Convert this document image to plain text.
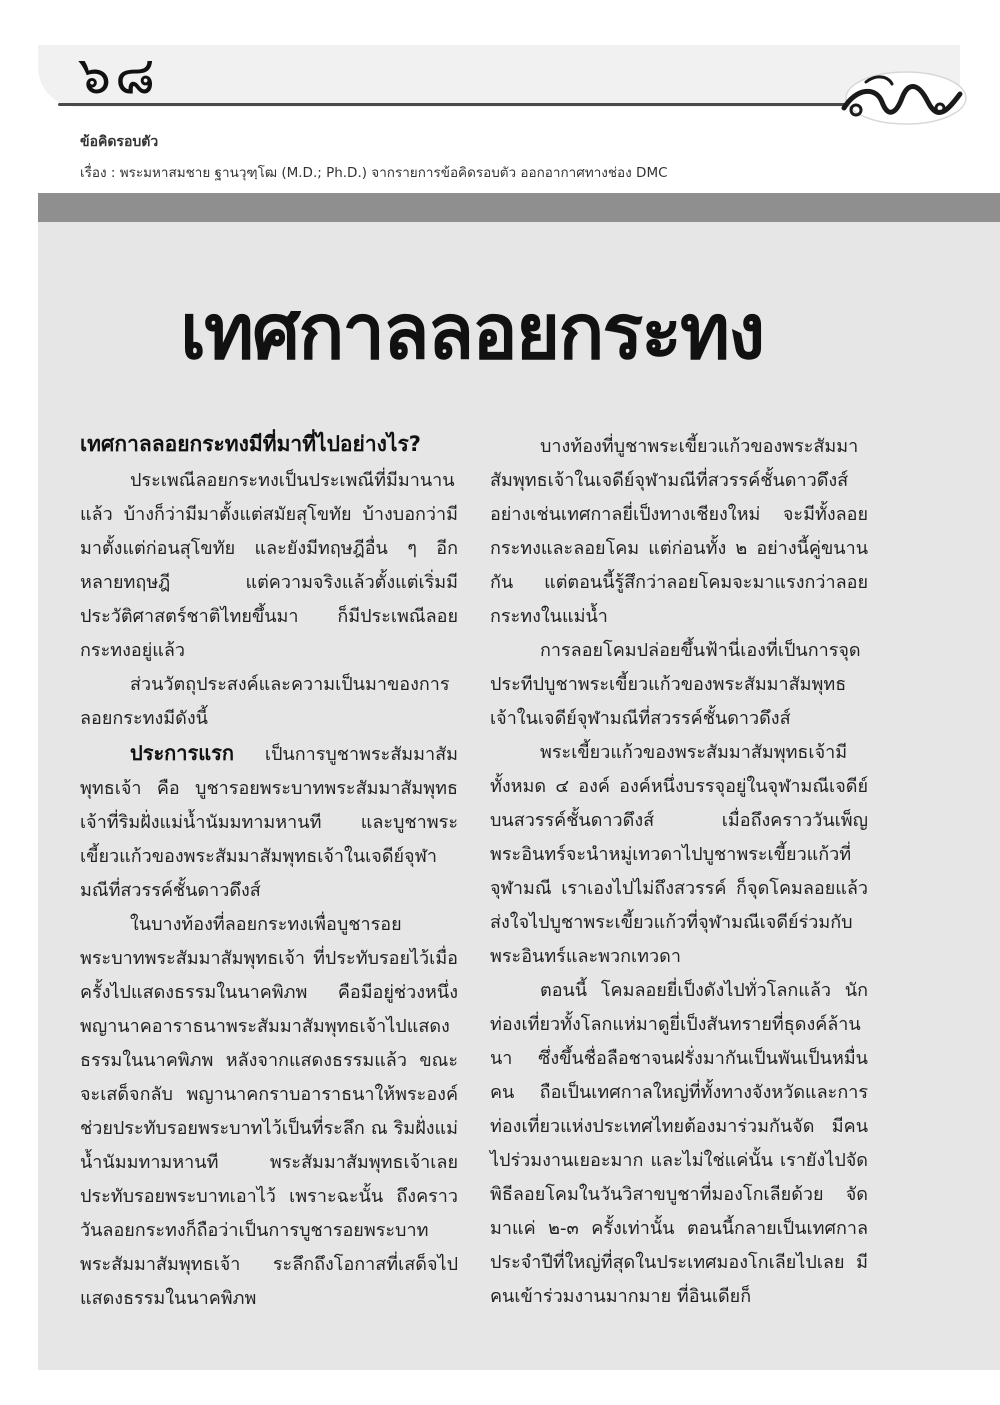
๖๘
ข้อคิดรอบตัว
เรื่อง : พระมหาสมชาย ฐานวุฑฺโฒ (M.D.; Ph.D.) จากรายการข้อคิดรอบตัว ออกอากาศทางช่อง DMC
เทศกาลลอยกระทง

เทศกาลลอยกระทงมีที่มาที่ไปอย่างไร?

ประเพณีลอยกระทงเป็นประเพณีที่มีมานานแล้ว บ้างก็ว่ามีมาตั้งแต่สมัยสุโขทัย บ้างบอกว่ามีมาตั้งแต่ก่อนสุโขทัย และยังมีทฤษฎีอื่น ๆ อีกหลายทฤษฎี แต่ความจริงแล้วตั้งแต่เริ่มมีประวัติศาสตร์ชาติไทยขึ้นมา ก็มีประเพณีลอยกระทงอยู่แล้ว

ส่วนวัตถุประสงค์และความเป็นมาของการลอยกระทงมีดังนี้

ประการแรก เป็นการบูชาพระสัมมาสัมพุทธเจ้า คือ บูชารอยพระบาทพระสัมมาสัมพุทธเจ้าที่ริมฝั่งแม่น้ำนัมมทามหานที และบูชาพระเขี้ยวแก้วของพระสัมมาสัมพุทธเจ้าในเจดีย์จุฬามณีที่สวรรค์ชั้นดาวดึงส์

ในบางท้องที่ลอยกระทงเพื่อบูชารอยพระบาทพระสัมมาสัมพุทธเจ้า ที่ประทับรอยไว้เมื่อครั้งไปแสดงธรรมในนาคพิภพ คือมีอยู่ช่วงหนึ่งพญานาคอาราธนาพระสัมมาสัมพุทธเจ้าไปแสดงธรรมในนาคพิภพ หลังจากแสดงธรรมแล้ว ขณะจะเสด็จกลับ พญานาคกราบอาราธนาให้พระองค์ช่วยประทับรอยพระบาทไว้เป็นที่ระลึก ณ ริมฝั่งแม่น้ำนัมมทามหานที พระสัมมาสัมพุทธเจ้าเลยประทับรอยพระบาทเอาไว้ เพราะฉะนั้น ถึงคราววันลอยกระทงก็ถือว่าเป็นการบูชารอยพระบาทพระสัมมาสัมพุทธเจ้า ระลึกถึงโอกาสที่เสด็จไปแสดงธรรมในนาคพิภพ

บางท้องที่บูชาพระเขี้ยวแก้วของพระสัมมาสัมพุทธเจ้าในเจดีย์จุฬามณีที่สวรรค์ชั้นดาวดึงส์ อย่างเช่นเทศกาลยี่เป็งทางเชียงใหม่ จะมีทั้งลอยกระทงและลอยโคม แต่ก่อนทั้ง ๒ อย่างนี้คู่ขนานกัน แต่ตอนนี้รู้สึกว่าลอยโคมจะมาแรงกว่าลอยกระทงในแม่น้ำ

การลอยโคมปล่อยขึ้นฟ้านี่เองที่เป็นการจุดประทีปบูชาพระเขี้ยวแก้วของพระสัมมาสัมพุทธเจ้าในเจดีย์จุฬามณีที่สวรรค์ชั้นดาวดึงส์

พระเขี้ยวแก้วของพระสัมมาสัมพุทธเจ้ามีทั้งหมด ๔ องค์ องค์หนึ่งบรรจุอยู่ในจุฬามณีเจดีย์ บนสวรรค์ชั้นดาวดึงส์ เมื่อถึงคราววันเพ็ญพระอินทร์จะนำหมู่เทวดาไปบูชาพระเขี้ยวแก้วที่จุฬามณี เราเองไปไม่ถึงสวรรค์ ก็จุดโคมลอยแล้วส่งใจไปบูชาพระเขี้ยวแก้วที่จุฬามณีเจดีย์ร่วมกับพระอินทร์และพวกเทวดา

ตอนนี้ โคมลอยยี่เป็งดังไปทั่วโลกแล้ว นักท่องเที่ยวทั้งโลกแห่มาดูยี่เป็งสันทรายที่ธุดงค์ล้านนา ซึ่งขึ้นชื่อลือชาจนฝรั่งมากันเป็นพันเป็นหมื่นคน ถือเป็นเทศกาลใหญ่ที่ทั้งทางจังหวัดและการท่องเที่ยวแห่งประเทศไทยต้องมาร่วมกันจัด มีคนไปร่วมงานเยอะมาก และไม่ใช่แค่นั้น เรายังไปจัดพิธีลอยโคมในวันวิสาขบูชาที่มองโกเลียด้วย จัดมาแค่ ๒-๓ ครั้งเท่านั้น ตอนนี้กลายเป็นเทศกาลประจำปีที่ใหญ่ที่สุดในประเทศมองโกเลียไปเลย มีคนเข้าร่วมงานมากมาย ที่อินเดียก็
